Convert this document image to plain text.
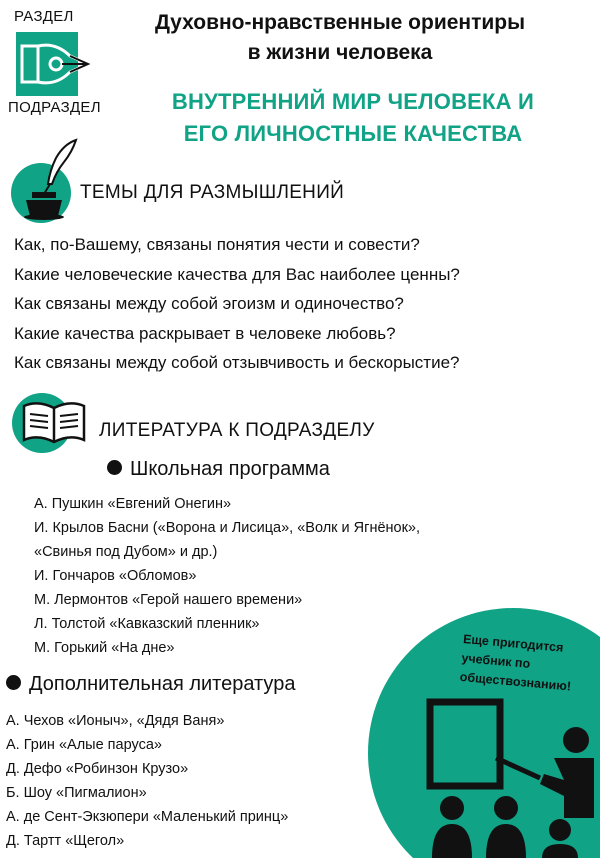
РАЗДЕЛ
ПОДРАЗДЕЛ
Духовно-нравственные ориентиры
в жизни человека
ВНУТРЕННИЙ МИР ЧЕЛОВЕКА И
ЕГО ЛИЧНОСТНЫЕ КАЧЕСТВА
ТЕМЫ ДЛЯ РАЗМЫШЛЕНИЙ
Как, по-Вашему, связаны понятия чести и совести?
Какие человеческие качества для Вас наиболее ценны?
Как связаны между собой эгоизм и одиночество?
Какие качества раскрывает в человеке любовь?
Как связаны между собой отзывчивость и бескорыстие?
ЛИТЕРАТУРА К ПОДРАЗДЕЛУ
Школьная программа
А. Пушкин «Евгений Онегин»
И. Крылов Басни («Ворона и Лисица», «Волк и Ягнёнок»,
«Свинья под Дубом» и др.)
И. Гончаров «Обломов»
М. Лермонтов «Герой нашего времени»
Л. Толстой «Кавказский пленник»
М. Горький «На дне»
Дополнительная литература
А. Чехов «Ионыч», «Дядя Ваня»
А. Грин «Алые паруса»
Д. Дефо «Робинзон Крузо»
Б. Шоу «Пигмалион»
А. де Сент-Экзюпери «Маленький принц»
Д. Тартт «Щегол»
Еще пригодится
учебник по
обществознанию!
